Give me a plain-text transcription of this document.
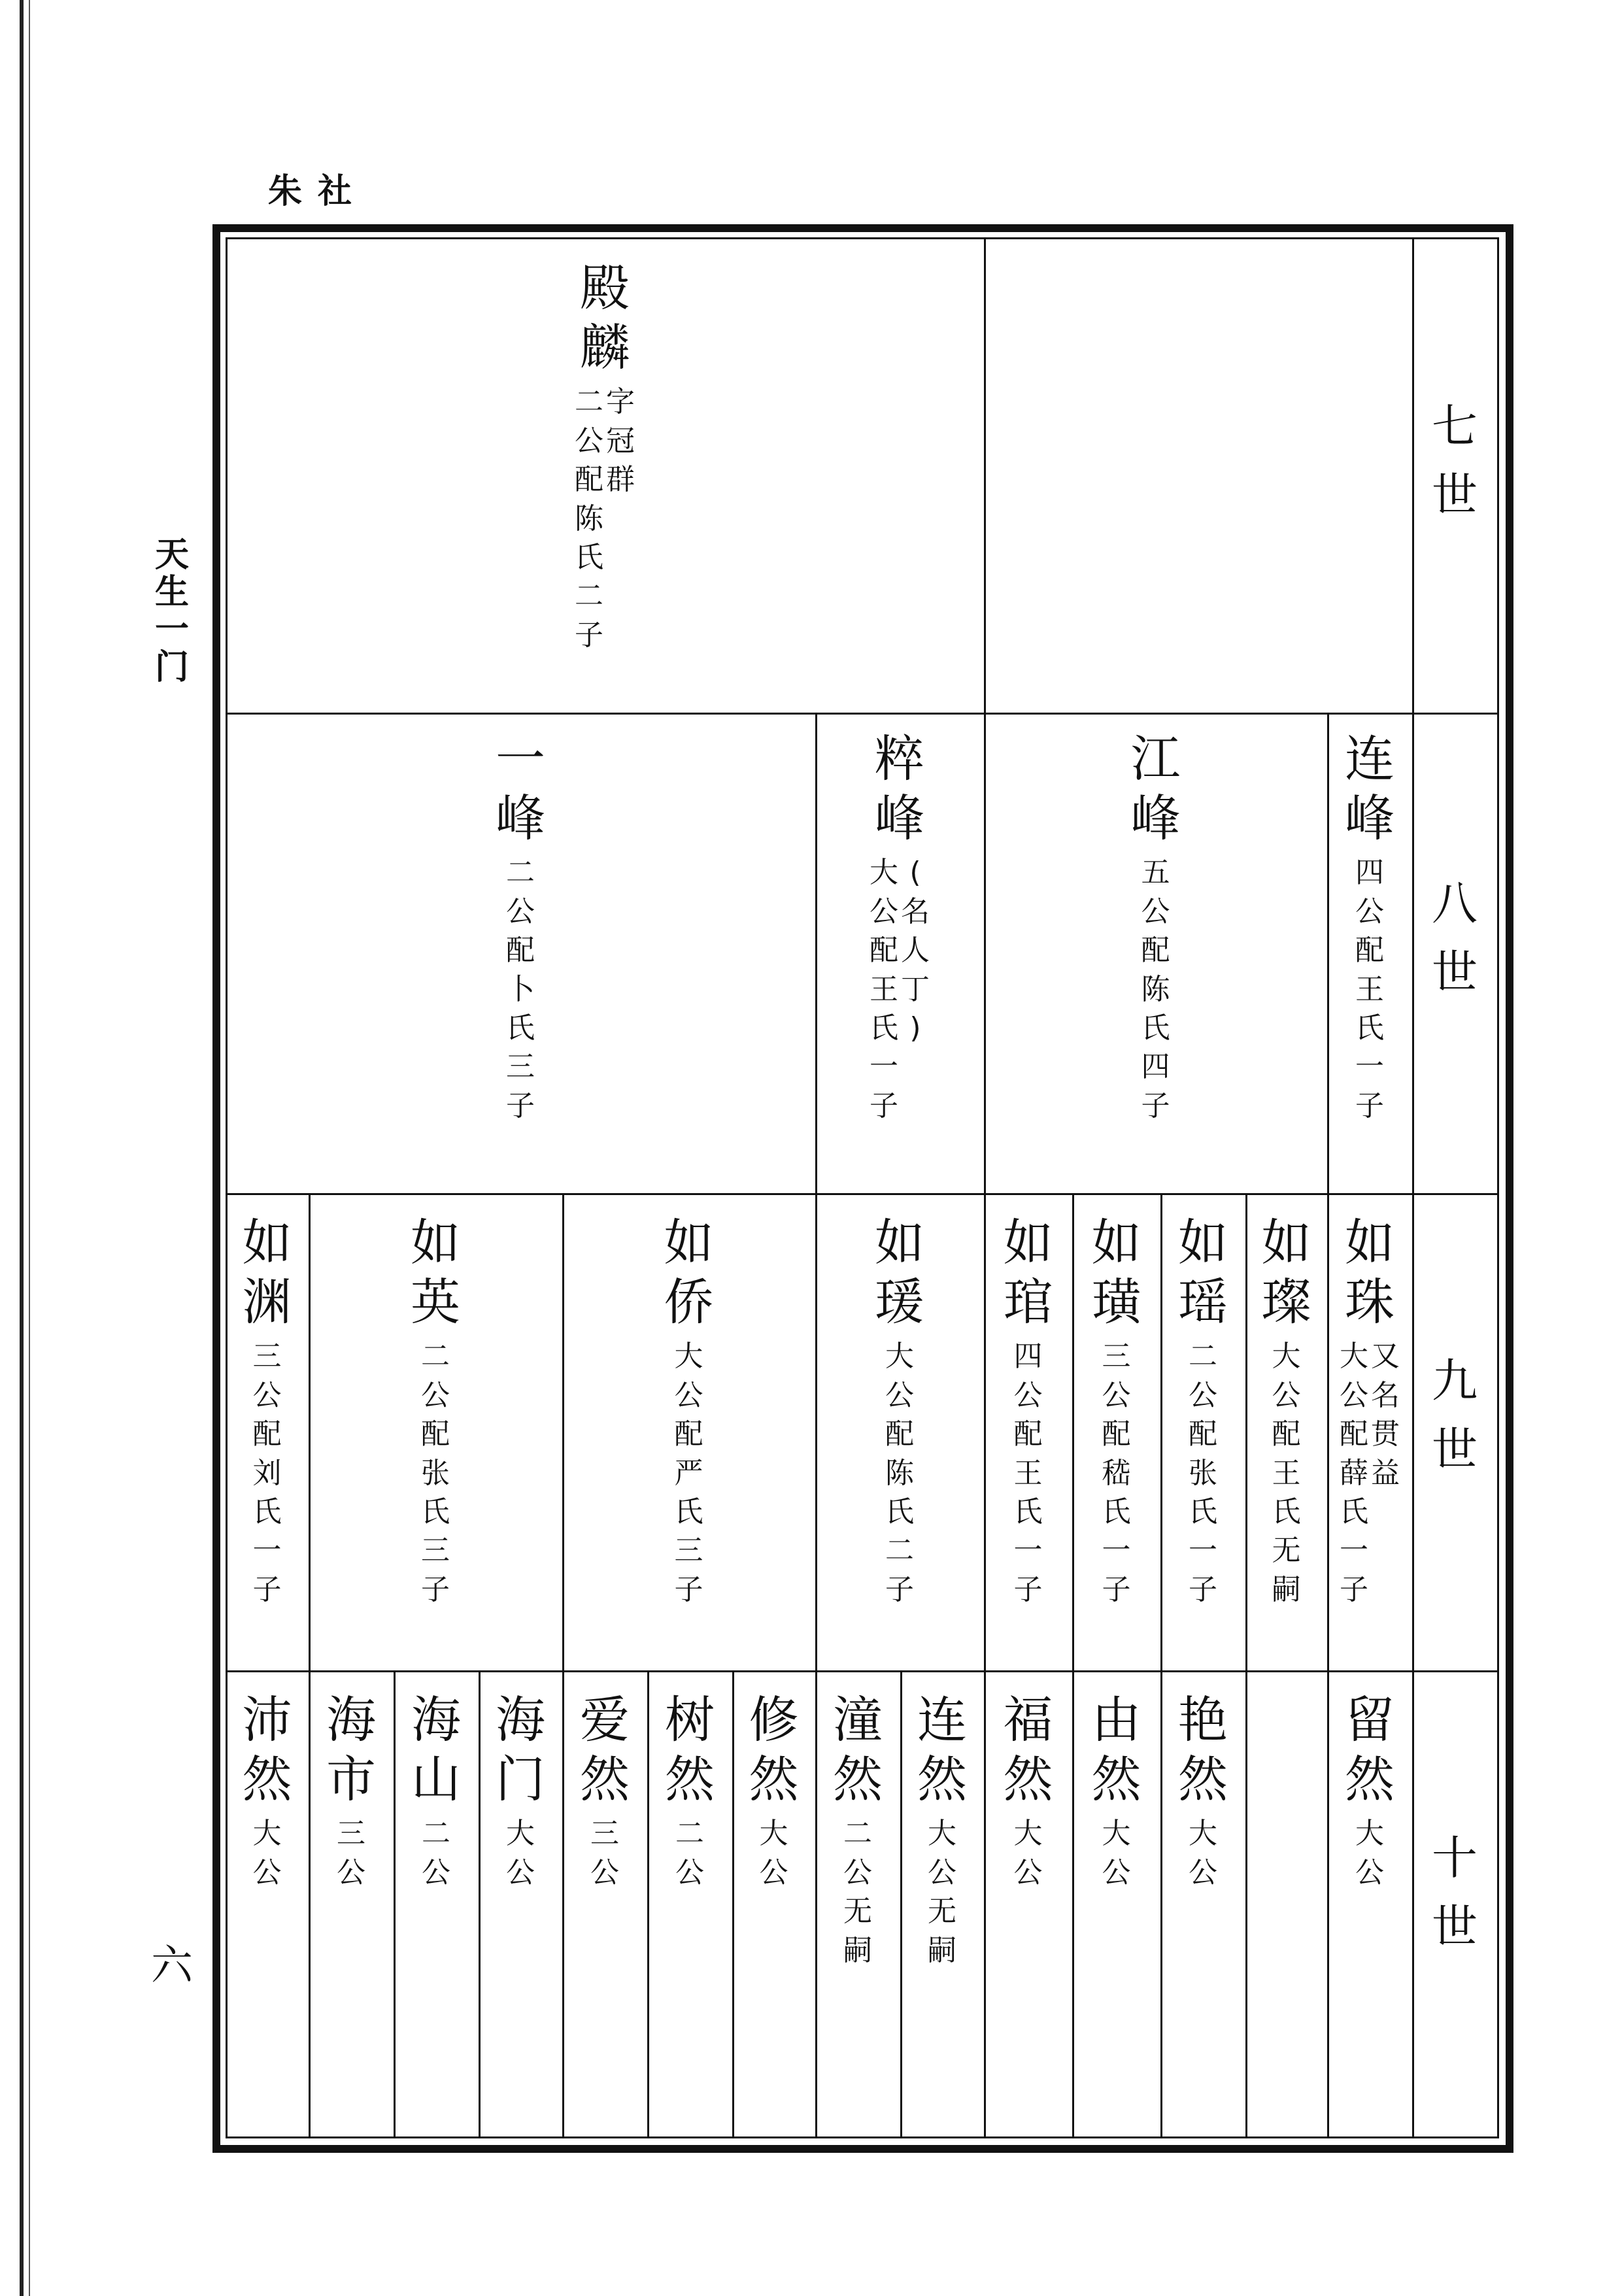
朱社
天生一门
六
七
世
八
世
九
世
十
世
殿
麟
字
冠
群
二
公
配
陈
氏
二
子
连
峰
四
公
配
王
氏
一
子
江
峰
五
公
配
陈
氏
四
子
粹
峰
(
名
人
丁
)
大
公
配
王
氏
一
子
一
峰
二
公
配
卜
氏
三
子
如
珠
又
名
贯
益
大
公
配
薛
氏
一
子
如
璨
大
公
配
王
氏
无
嗣
如
瑶
二
公
配
张
氏
一
子
如
璜
三
公
配
嵇
氏
一
子
如
琯
四
公
配
王
氏
一
子
如
瑗
大
公
配
陈
氏
二
子
如
侨
大
公
配
严
氏
三
子
如
英
二
公
配
张
氏
三
子
如
渊
三
公
配
刘
氏
一
子
留
然
大
公
艳
然
大
公
由
然
大
公
福
然
大
公
连
然
大
公
无
嗣
潼
然
二
公
无
嗣
修
然
大
公
树
然
二
公
爱
然
三
公
海
门
大
公
海
山
二
公
海
市
三
公
沛
然
大
公
